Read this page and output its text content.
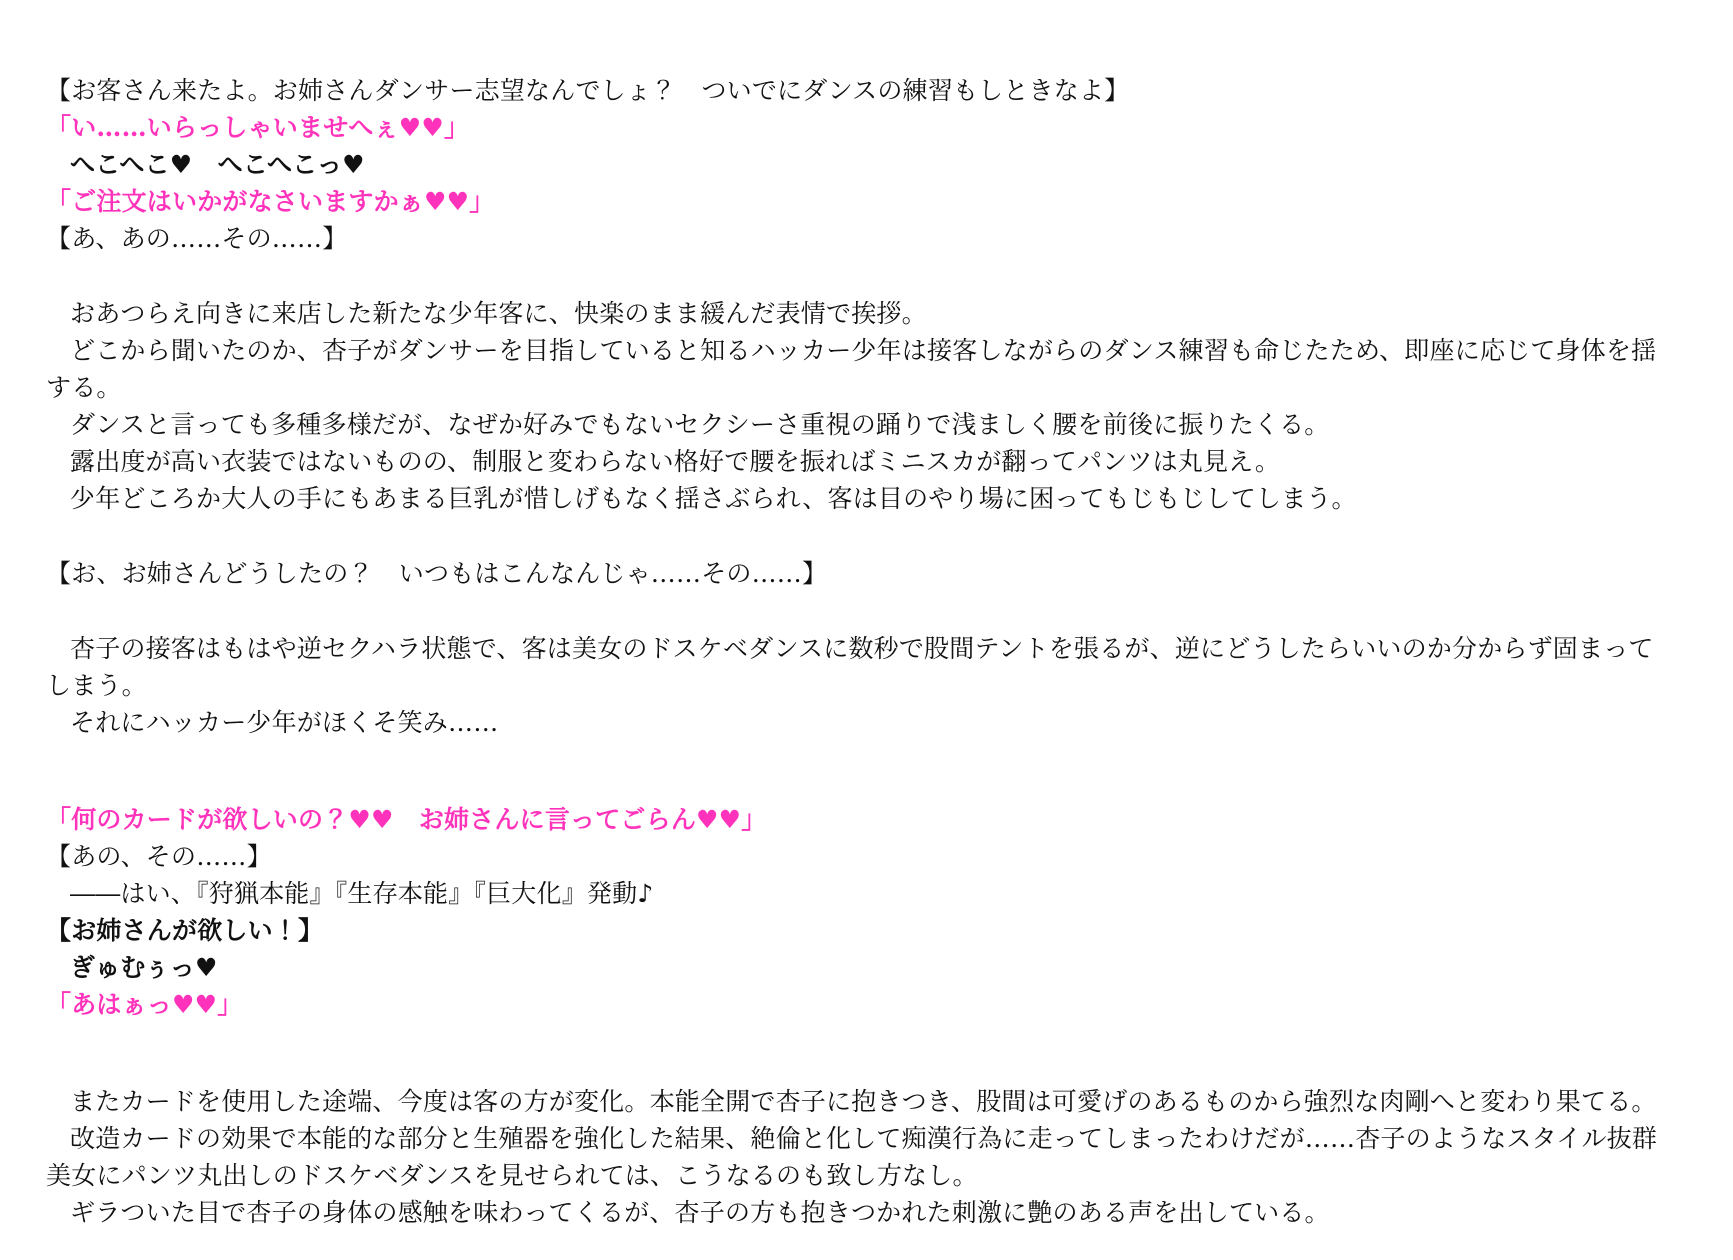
【お客さん来たよ。お姉さんダンサー志望なんでしょ？　ついでにダンスの練習もしときなよ】
「い……いらっしゃいませへぇ♥♥」
へこへこ♥　へこへこっ♥
「ご注文はいかがなさいますかぁ♥♥」
【あ、あの……その……】
おあつらえ向きに来店した新たな少年客に、快楽のまま緩んだ表情で挨拶。
どこから聞いたのか、杏子がダンサーを目指していると知るハッカー少年は接客しながらのダンス練習も命じたため、即座に応じて身体を揺
する。
ダンスと言っても多種多様だが、なぜか好みでもないセクシーさ重視の踊りで浅ましく腰を前後に振りたくる。
露出度が高い衣装ではないものの、制服と変わらない格好で腰を振ればミニスカが翻ってパンツは丸見え。
少年どころか大人の手にもあまる巨乳が惜しげもなく揺さぶられ、客は目のやり場に困ってもじもじしてしまう。
【お、お姉さんどうしたの？　いつもはこんなんじゃ……その……】
杏子の接客はもはや逆セクハラ状態で、客は美女のドスケベダンスに数秒で股間テントを張るが、逆にどうしたらいいのか分からず固まって
しまう。
それにハッカー少年がほくそ笑み……
「何のカードが欲しいの？♥♥　お姉さんに言ってごらん♥♥」
【あの、その……】
――はい、『狩猟本能』『生存本能』『巨大化』発動♪
【お姉さんが欲しい！】
ぎゅむぅっ♥
「あはぁっ♥♥」
またカードを使用した途端、今度は客の方が変化。本能全開で杏子に抱きつき、股間は可愛げのあるものから強烈な肉剛へと変わり果てる。
改造カードの効果で本能的な部分と生殖器を強化した結果、絶倫と化して痴漢行為に走ってしまったわけだが……杏子のようなスタイル抜群
美女にパンツ丸出しのドスケベダンスを見せられては、こうなるのも致し方なし。
ギラついた目で杏子の身体の感触を味わってくるが、杏子の方も抱きつかれた刺激に艶のある声を出している。
